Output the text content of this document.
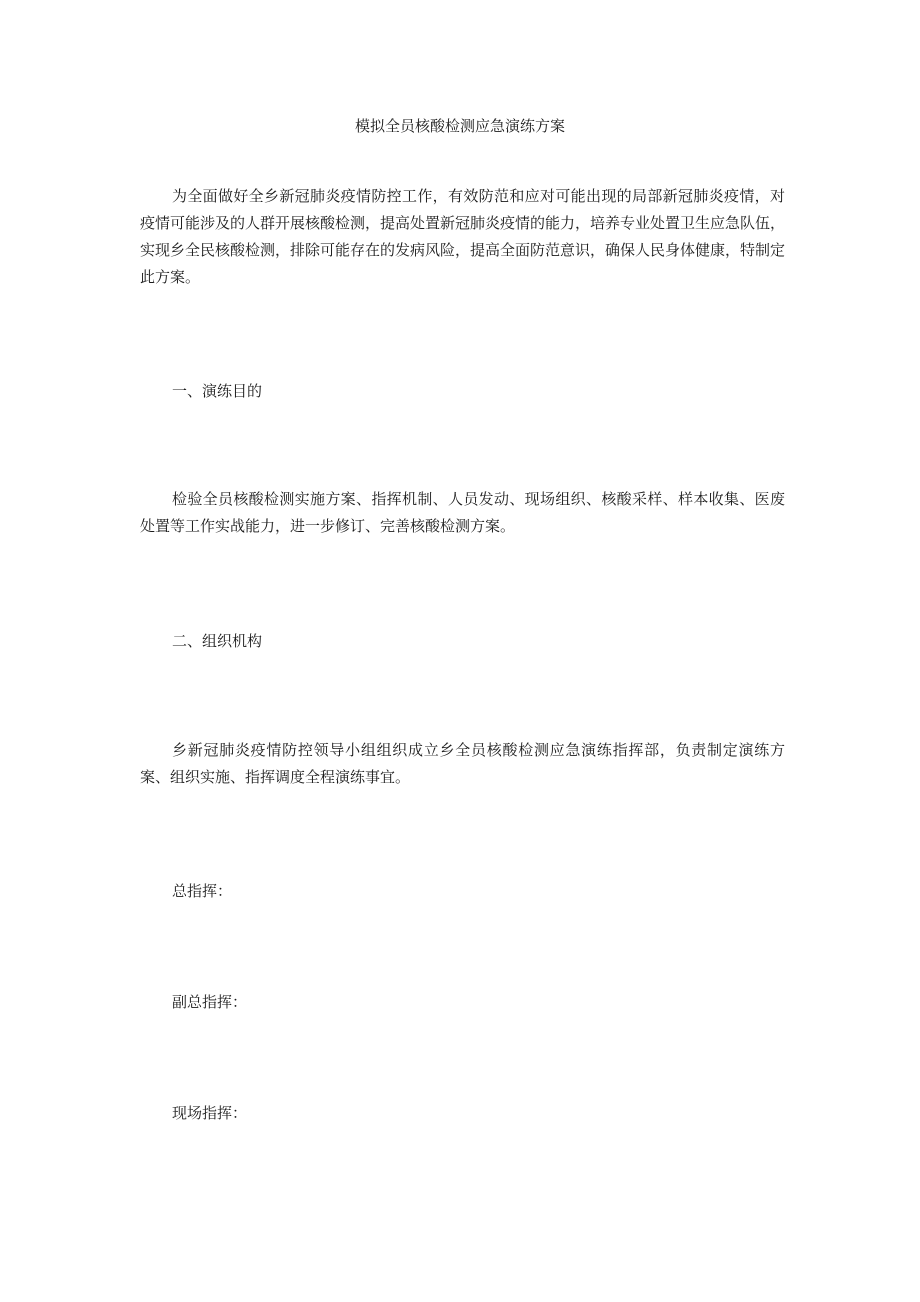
模拟全员核酸检测应急演练方案

为全面做好全乡新冠肺炎疫情防控工作，有效防范和应对可能出现的局部新冠肺炎疫情，对疫情可能涉及的人群开展核酸检测，提高处置新冠肺炎疫情的能力，培养专业处置卫生应急队伍，实现乡全民核酸检测，排除可能存在的发病风险，提高全面防范意识，确保人民身体健康，特制定此方案。

一、演练目的

检验全员核酸检测实施方案、指挥机制、人员发动、现场组织、核酸采样、样本收集、医废处置等工作实战能力，进一步修订、完善核酸检测方案。

二、组织机构

乡新冠肺炎疫情防控领导小组组织成立乡全员核酸检测应急演练指挥部，负责制定演练方案、组织实施、指挥调度全程演练事宜。

总指挥：

副总指挥：

现场指挥：
